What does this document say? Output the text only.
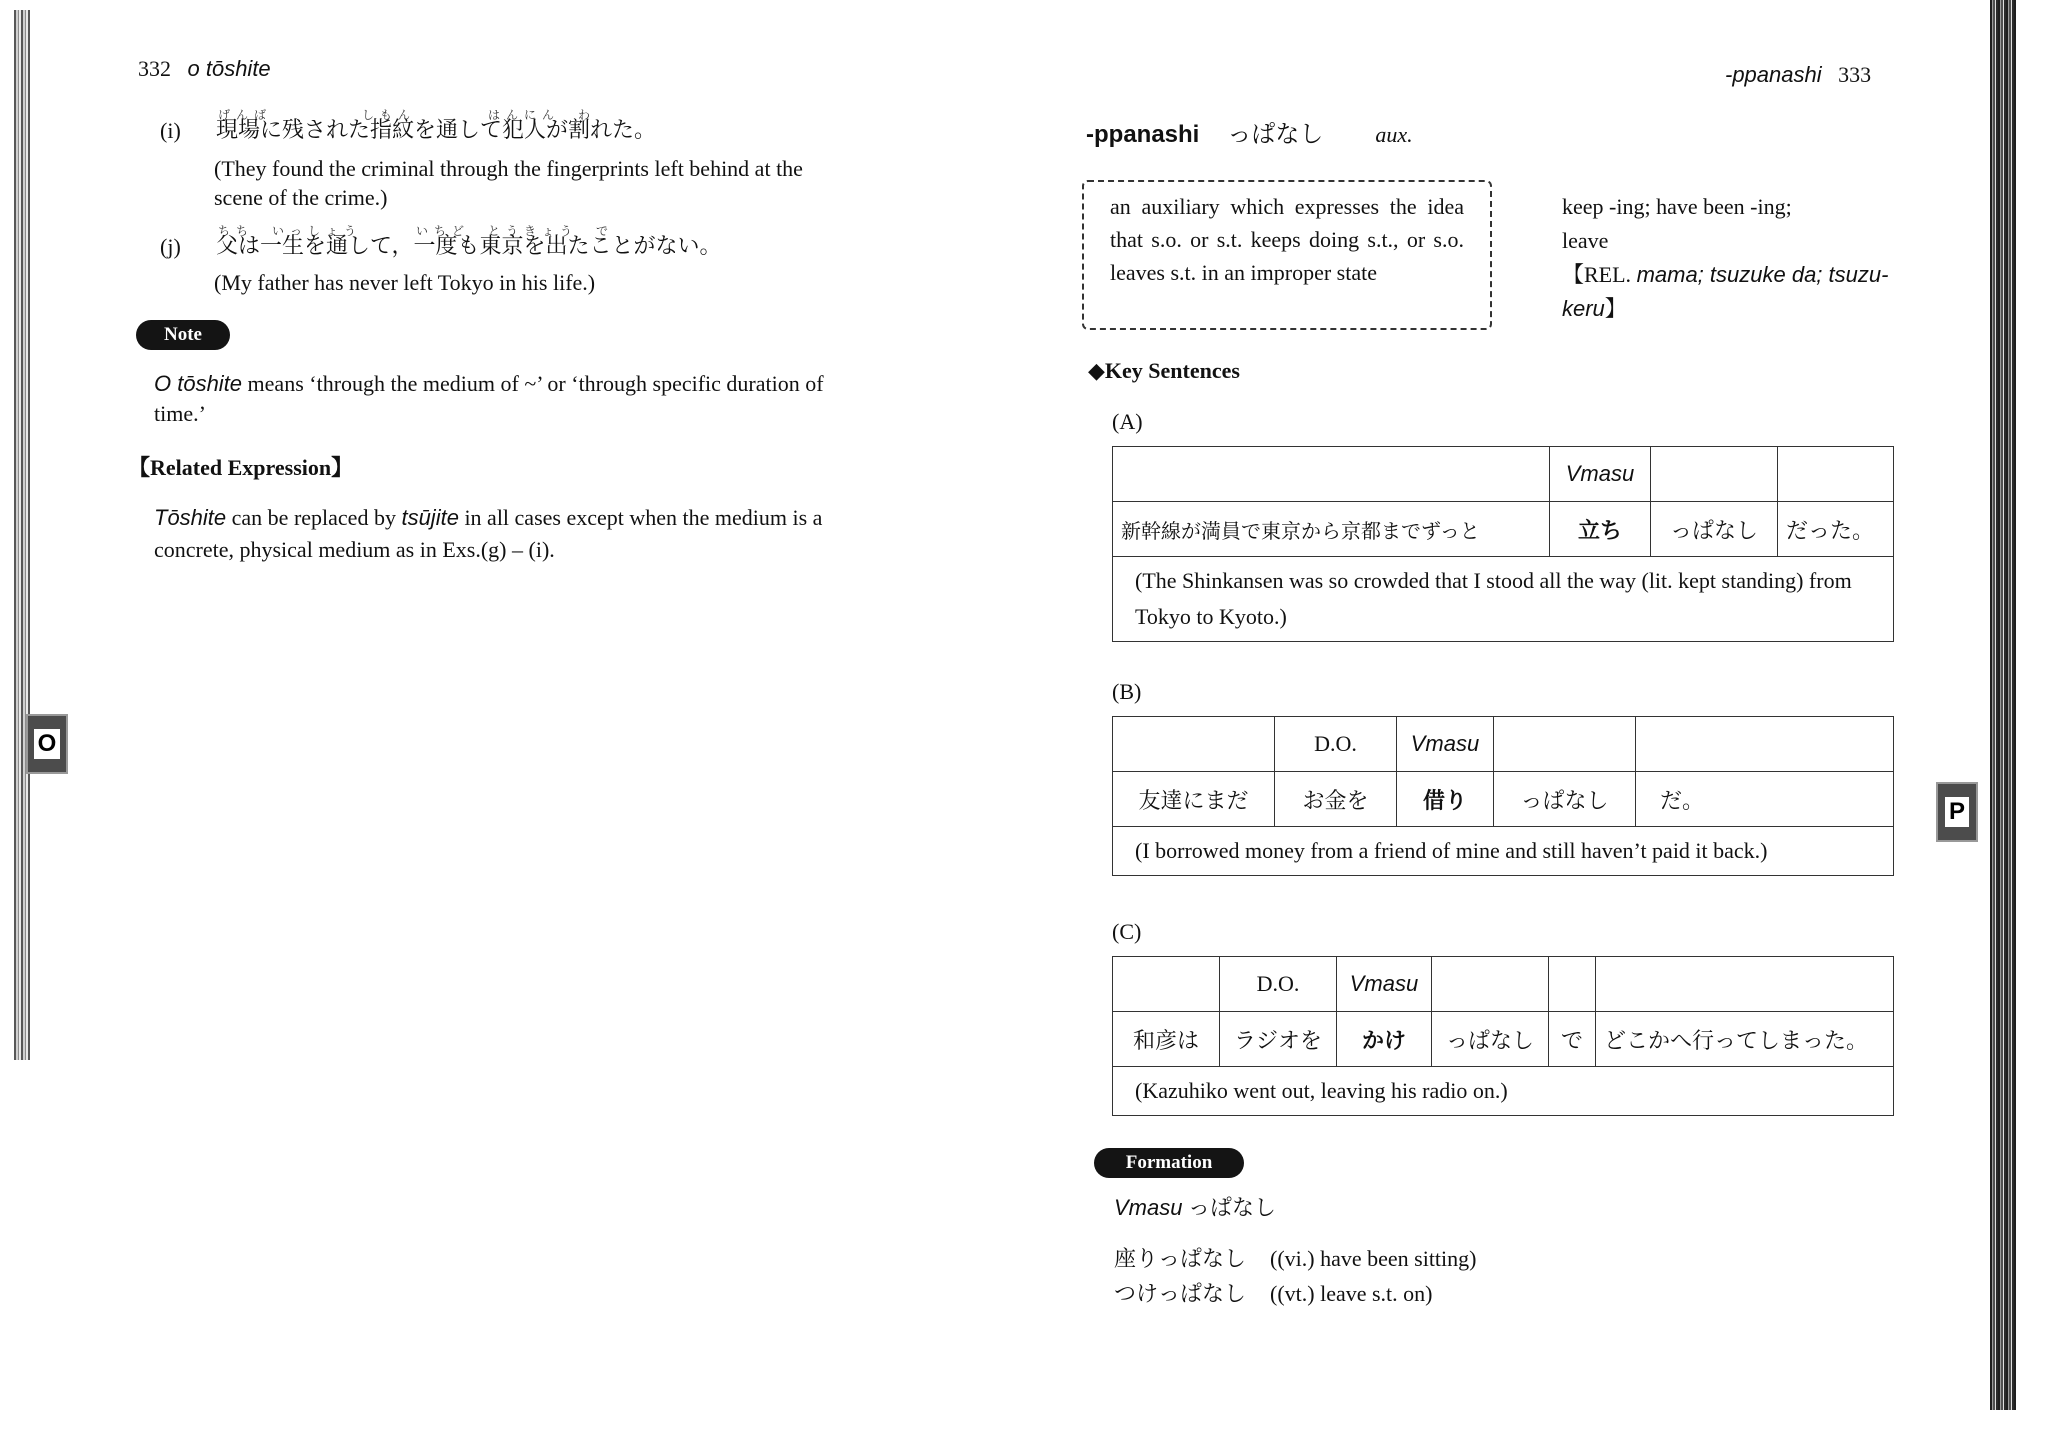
332 o tōshite
げんば　　　　　しもん　　　　はんにん　わ
(i) 現場に残された指紋を通して犯人が割れた。
(They found the criminal through the fingerprints left behind at the
scene of the crime.)
ちち　いっしょう　　　いちど　とうきょう　で
(j) 父は一生を通して，一度も東京を出たことがない。
(My father has never left Tokyo in his life.)
Note
O tōshite means ‘through the medium of ~’ or ‘through specific duration of
time.’
【Related Expression】
Tōshite can be replaced by tsūjite in all cases except when the medium is a
concrete, physical medium as in Exs.(g) – (i).
O
-ppanashi 333
-ppanashi っぱなし aux.
an auxiliary which expresses the idea that s.o. or s.t. keeps doing s.t., or s.o. leaves s.t. in an improper state
keep -ing; have been -ing;
leave
【REL. mama; tsuzuke da; tsuzu-
keru】
◆Key Sentences
(A)
	Vmasu		
新幹線が満員で東京から京都までずっと	立ち	っぱなし	だった。
(The Shinkansen was so crowded that I stood all the way (lit. kept standing) from Tokyo to Kyoto.)			
(B)
	D.O.	Vmasu		
友達にまだ	お金を	借り	っぱなし	だ。
(I borrowed money from a friend of mine and still haven’t paid it back.)				
(C)
	D.O.	Vmasu			
和彦は	ラジオを	かけ	っぱなし	で	どこかへ行ってしまった。
(Kazuhiko went out, leaving his radio on.)					
Formation
Vmasu っぱなし
座りっぱなし ((vi.) have been sitting)
つけっぱなし ((vt.) leave s.t. on)
P
